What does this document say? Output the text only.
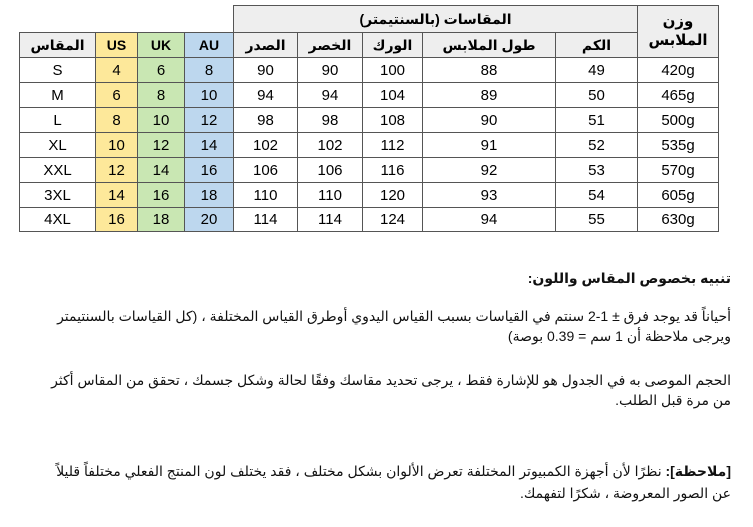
المقاسات (بالسنتيمتر)	وزن
الملابس
المقاس	US	UK	AU	الصدر	الخصر	الورك	طول الملابس	الكم
S	4	6	8	90	90	100	88	49	420g
M	6	8	10	94	94	104	89	50	465g
L	8	10	12	98	98	108	90	51	500g
XL	10	12	14	102	102	112	91	52	535g
XXL	12	14	16	106	106	116	92	53	570g
3XL	14	16	18	110	110	120	93	54	605g
4XL	16	18	20	114	114	124	94	55	630g
تنبيه بخصوص المقاس واللون:
أحياناً قد يوجد فرق ± 1-2 سنتم في القياسات بسبب القياس اليدوي أوطرق القياس المختلفة ، (كل القياسات بالسنتيمتر
ويرجى ملاحظة أن 1 سم = 0.39 بوصة)
الحجم الموصى به في الجدول هو للإشارة فقط ، يرجى تحديد مقاسك وفقًا لحالة وشكل جسمك ، تحقق من المقاس أكثر
من مرة قبل الطلب.
[ملاحظة]: نظرًا لأن أجهزة الكمبيوتر المختلفة تعرض الألوان بشكل مختلف ، فقد يختلف لون المنتج الفعلي مختلفاً قليلاً
عن الصور المعروضة ، شكرًا لتفهمك.
